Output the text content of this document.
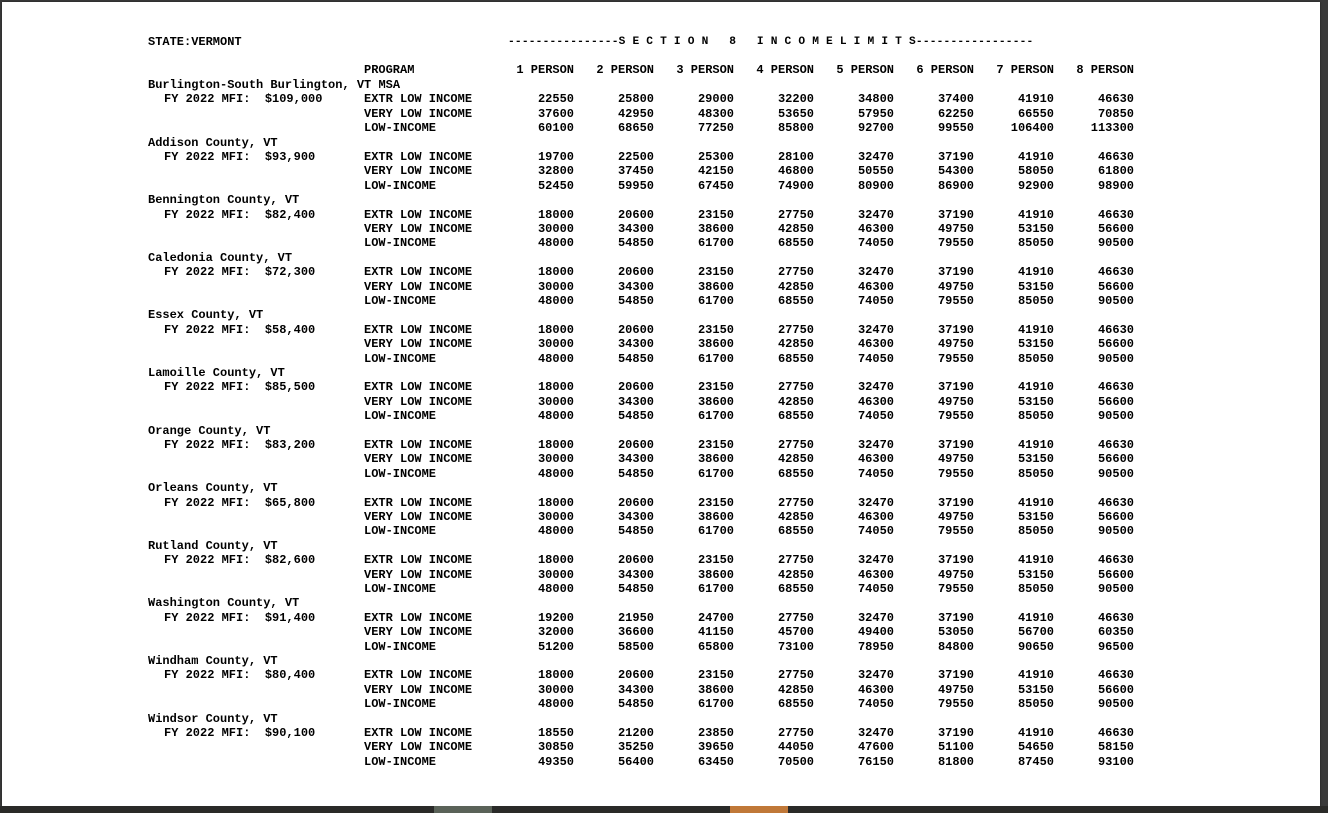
STATE:VERMONT	----------------S E C T I O N   8   I N C O M E L I M I T S-----------------
PROGRAM	1 PERSON	2 PERSON	3 PERSON	4 PERSON	5 PERSON	6 PERSON	7 PERSON	8 PERSON
Burlington-South Burlington, VT MSA
FY 2022 MFI:  $109,000	EXTR LOW INCOME	22550	25800	29000	32200	34800	37400	41910	46630
VERY LOW INCOME	37600	42950	48300	53650	57950	62250	66550	70850
LOW-INCOME	60100	68650	77250	85800	92700	99550	106400	113300
Addison County, VT
FY 2022 MFI:  $93,900	EXTR LOW INCOME	19700	22500	25300	28100	32470	37190	41910	46630
VERY LOW INCOME	32800	37450	42150	46800	50550	54300	58050	61800
LOW-INCOME	52450	59950	67450	74900	80900	86900	92900	98900
Bennington County, VT
FY 2022 MFI:  $82,400	EXTR LOW INCOME	18000	20600	23150	27750	32470	37190	41910	46630
VERY LOW INCOME	30000	34300	38600	42850	46300	49750	53150	56600
LOW-INCOME	48000	54850	61700	68550	74050	79550	85050	90500
Caledonia County, VT
FY 2022 MFI:  $72,300	EXTR LOW INCOME	18000	20600	23150	27750	32470	37190	41910	46630
VERY LOW INCOME	30000	34300	38600	42850	46300	49750	53150	56600
LOW-INCOME	48000	54850	61700	68550	74050	79550	85050	90500
Essex County, VT
FY 2022 MFI:  $58,400	EXTR LOW INCOME	18000	20600	23150	27750	32470	37190	41910	46630
VERY LOW INCOME	30000	34300	38600	42850	46300	49750	53150	56600
LOW-INCOME	48000	54850	61700	68550	74050	79550	85050	90500
Lamoille County, VT
FY 2022 MFI:  $85,500	EXTR LOW INCOME	18000	20600	23150	27750	32470	37190	41910	46630
VERY LOW INCOME	30000	34300	38600	42850	46300	49750	53150	56600
LOW-INCOME	48000	54850	61700	68550	74050	79550	85050	90500
Orange County, VT
FY 2022 MFI:  $83,200	EXTR LOW INCOME	18000	20600	23150	27750	32470	37190	41910	46630
VERY LOW INCOME	30000	34300	38600	42850	46300	49750	53150	56600
LOW-INCOME	48000	54850	61700	68550	74050	79550	85050	90500
Orleans County, VT
FY 2022 MFI:  $65,800	EXTR LOW INCOME	18000	20600	23150	27750	32470	37190	41910	46630
VERY LOW INCOME	30000	34300	38600	42850	46300	49750	53150	56600
LOW-INCOME	48000	54850	61700	68550	74050	79550	85050	90500
Rutland County, VT
FY 2022 MFI:  $82,600	EXTR LOW INCOME	18000	20600	23150	27750	32470	37190	41910	46630
VERY LOW INCOME	30000	34300	38600	42850	46300	49750	53150	56600
LOW-INCOME	48000	54850	61700	68550	74050	79550	85050	90500
Washington County, VT
FY 2022 MFI:  $91,400	EXTR LOW INCOME	19200	21950	24700	27750	32470	37190	41910	46630
VERY LOW INCOME	32000	36600	41150	45700	49400	53050	56700	60350
LOW-INCOME	51200	58500	65800	73100	78950	84800	90650	96500
Windham County, VT
FY 2022 MFI:  $80,400	EXTR LOW INCOME	18000	20600	23150	27750	32470	37190	41910	46630
VERY LOW INCOME	30000	34300	38600	42850	46300	49750	53150	56600
LOW-INCOME	48000	54850	61700	68550	74050	79550	85050	90500
Windsor County, VT
FY 2022 MFI:  $90,100	EXTR LOW INCOME	18550	21200	23850	27750	32470	37190	41910	46630
VERY LOW INCOME	30850	35250	39650	44050	47600	51100	54650	58150
LOW-INCOME	49350	56400	63450	70500	76150	81800	87450	93100
